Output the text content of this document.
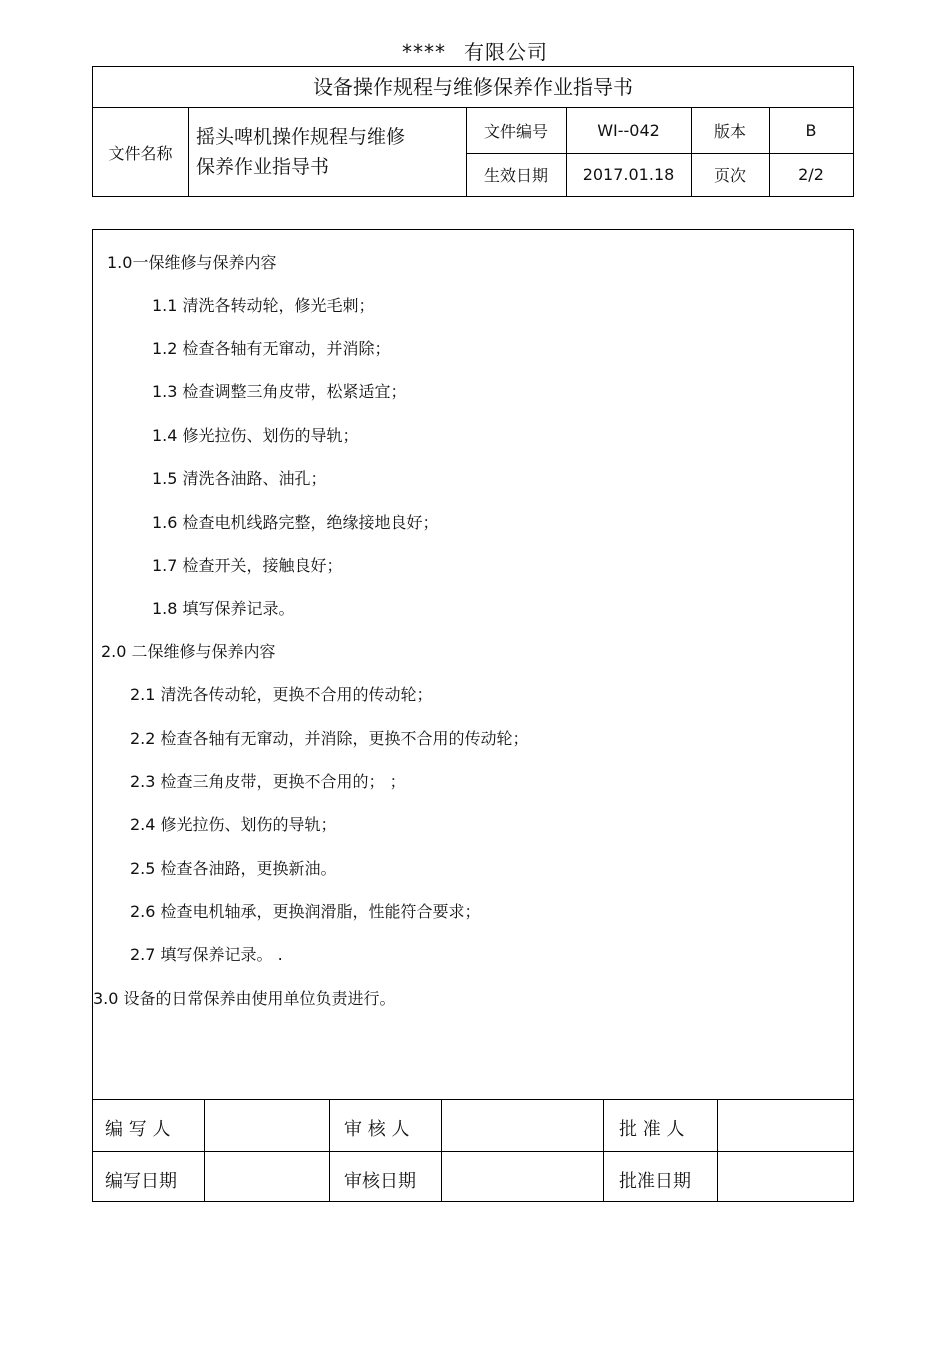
**** 有限公司
设备操作规程与维修保养作业指导书
文件名称
摇头啤机操作规程与维修
保养作业指导书
文件编号	WI--042	版本	B
生效日期	2017.01.18	页次	2/2
1.0一保维修与保养内容
1.1 清洗各转动轮，修光毛刺；
1.2 检查各轴有无窜动，并消除；
1.3 检查调整三角皮带，松紧适宜；
1.4 修光拉伤、划伤的导轨；
1.5 清洗各油路、油孔；
1.6 检查电机线路完整，绝缘接地良好；
1.7 检查开关，接触良好；
1.8 填写保养记录。
2.0 二保维修与保养内容
2.1 清洗各传动轮，更换不合用的传动轮；
2.2 检查各轴有无窜动，并消除，更换不合用的传动轮；
2.3 检查三角皮带，更换不合用的； ；
2.4 修光拉伤、划伤的导轨；
2.5 检查各油路，更换新油。
2.6 检查电机轴承，更换润滑脂，性能符合要求；
2.7 填写保养记录。 .
3.0 设备的日常保养由使用单位负责进行。
编 写 人	审 核 人	批 准 人
编写日期	审核日期	批准日期
